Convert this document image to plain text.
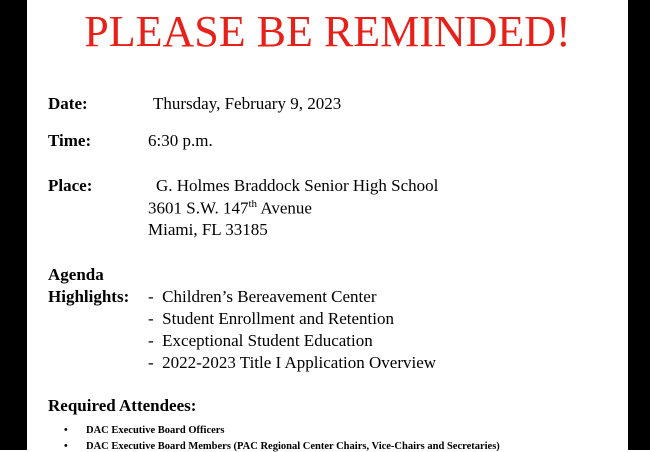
PLEASE BE REMINDED!
Date:	Thursday, February 9, 2023
Time:	6:30 p.m.
Place:	G. Holmes Braddock Senior High School
3601 S.W. 147th Avenue
Miami, FL 33185
Agenda
Highlights: -  Children’s Bereavement Center
-  Student Enrollment and Retention
-  Exceptional Student Education
-  2022-2023 Title I Application Overview
Required Attendees:
• DAC Executive Board Officers
• DAC Executive Board Members (PAC Regional Center Chairs, Vice-Chairs and Secretaries)
